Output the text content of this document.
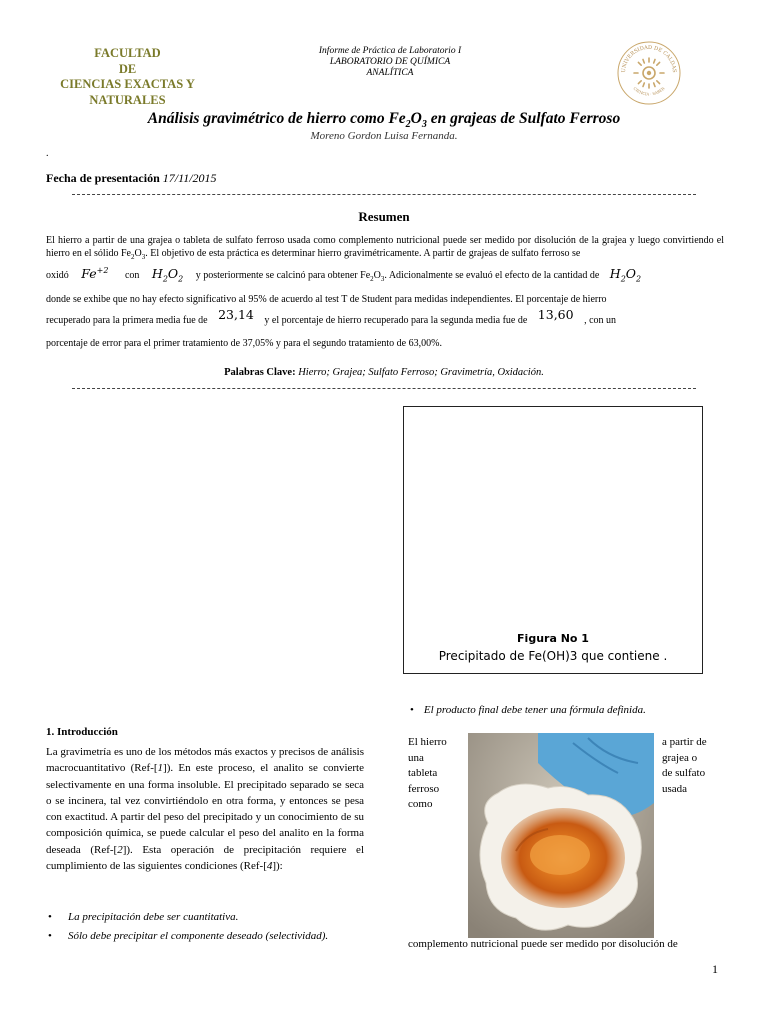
FACULTAD
DE
CIENCIAS EXACTAS Y
NATURALES
Informe de Práctica de Laboratorio I
LABORATORIO DE QUÍMICA
ANALÍTICA	UNIVERSIDAD DE CALDAS
CIENCIA · SABER
Análisis gravimétrico de hierro como $Fe_2O_3$ en grajeas de Sulfato Ferroso
Moreno Gordon Luisa Fernanda.
.
Fecha de presentación 17/11/2015
Resumen
El hierro a partir de una grajea o tableta de sulfato ferroso usada como complemento nutricional puede ser medido por disolución de la grajea y luego convirtiendo el hierro en el sólido $Fe_2O_3$. El objetivo de esta práctica es determinar hierro gravimétricamente. A partir de grajeas de sulfato ferroso se
oxidó $Fe^{+2}$ con $H_2O_2$ y posteriormente se calcinó para obtener $Fe_2O_3$. Adicionalmente se evaluó el efecto de la cantidad de $H_2O_2$
donde se exhibe que no hay efecto significativo al 95% de acuerdo al test T de Student para medidas independientes. El porcentaje de hierro
recuperado para la primera media fue de 23,14 y el porcentaje de hierro recuperado para la segunda media fue de 13,60 , con un
porcentaje de error para el primer tratamiento de 37,05% y para el segundo tratamiento de 63,00%.
Palabras Clave: Hierro; Grajea; Sulfato Ferroso; Gravimetría, Oxidación.
Figura No 1
Precipitado de Fe(OH)3 que contiene .
• El producto final debe tener una fórmula definida.
1. Introducción
La gravimetría es uno de los métodos más exactos y precisos de análisis macrocuantitativo (Ref-[1]). En este proceso, el analito se convierte selectivamente en una forma insoluble. El precipitado separado se seca o se incinera, tal vez convirtiéndolo en otra forma, y entonces se pesa con exactitud. A partir del peso del precipitado y un conocimiento de su composición química, se puede calcular el peso del analito en la forma deseada (Ref-[2]). Esta operación de precipitación requiere el cumplimiento de las siguientes condiciones (Ref-[4]):
• La precipitación debe ser cuantitativa.
• Sólo debe precipitar el componente deseado (selectividad).
El hierro
una
tableta
ferroso
como
a partir de
grajea o
de sulfato
usada
complemento nutricional puede ser medido por disolución de
1
